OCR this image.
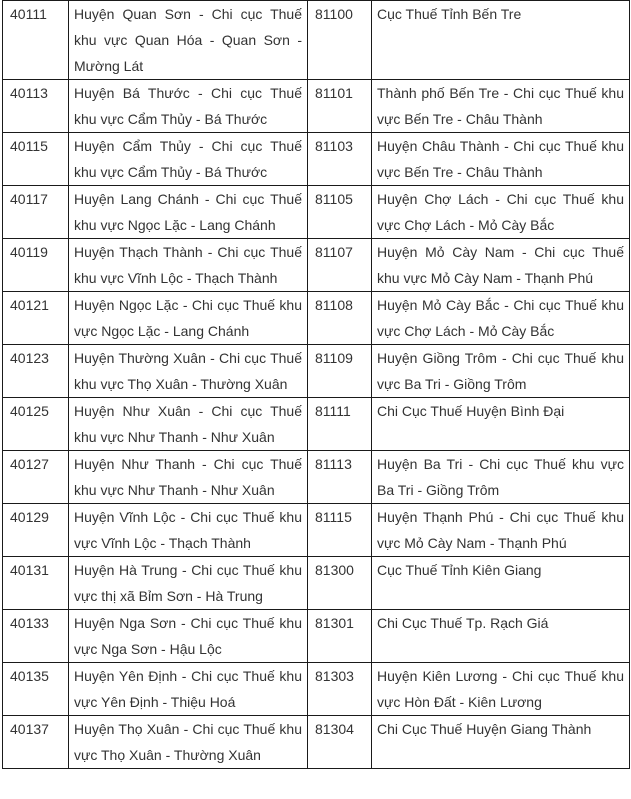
40111	Huyện Quan Sơn - Chi cục Thuế khu vực Quan Hóa - Quan Sơn - Mường Lát	81100	Cục Thuế Tỉnh Bến Tre
40113	Huyện Bá Thước - Chi cục Thuế khu vực Cẩm Thủy - Bá Thước	81101	Thành phố Bến Tre - Chi cục Thuế khu vực Bến Tre - Châu Thành
40115	Huyện Cẩm Thủy - Chi cục Thuế khu vực Cẩm Thủy - Bá Thước	81103	Huyện Châu Thành - Chi cục Thuế khu vực Bến Tre - Châu Thành
40117	Huyện Lang Chánh - Chi cục Thuế khu vực Ngọc Lặc - Lang Chánh	81105	Huyện Chợ Lách - Chi cục Thuế khu vực Chợ Lách - Mỏ Cày Bắc
40119	Huyện Thạch Thành - Chi cục Thuế khu vực Vĩnh Lộc - Thạch Thành	81107	Huyện Mỏ Cày Nam - Chi cục Thuế khu vực Mỏ Cày Nam - Thạnh Phú
40121	Huyện Ngọc Lặc - Chi cục Thuế khu vực Ngọc Lặc - Lang Chánh	81108	Huyện Mỏ Cày Bắc - Chi cục Thuế khu vực Chợ Lách - Mỏ Cày Bắc
40123	Huyện Thường Xuân - Chi cục Thuế khu vực Thọ Xuân - Thường Xuân	81109	Huyện Giồng Trôm - Chi cục Thuế khu vực Ba Tri - Giồng Trôm
40125	Huyện Như Xuân - Chi cục Thuế khu vực Như Thanh - Như Xuân	81111	Chi Cục Thuế Huyện Bình Đại
40127	Huyện Như Thanh - Chi cục Thuế khu vực Như Thanh - Như Xuân	81113	Huyện Ba Tri - Chi cục Thuế khu vực Ba Tri - Giồng Trôm
40129	Huyện Vĩnh Lộc - Chi cục Thuế khu vực Vĩnh Lộc - Thạch Thành	81115	Huyện Thạnh Phú - Chi cục Thuế khu vực Mỏ Cày Nam - Thạnh Phú
40131	Huyện Hà Trung - Chi cục Thuế khu vực thị xã Bỉm Sơn - Hà Trung	81300	Cục Thuế Tỉnh Kiên Giang
40133	Huyện Nga Sơn - Chi cục Thuế khu vực Nga Sơn - Hậu Lộc	81301	Chi Cục Thuế Tp. Rạch Giá
40135	Huyện Yên Định - Chi cục Thuế khu vực Yên Định - Thiệu Hoá	81303	Huyện Kiên Lương - Chi cục Thuế khu vực Hòn Đất - Kiên Lương
40137	Huyện Thọ Xuân - Chi cục Thuế khu vực Thọ Xuân - Thường Xuân	81304	Chi Cục Thuế Huyện Giang Thành
